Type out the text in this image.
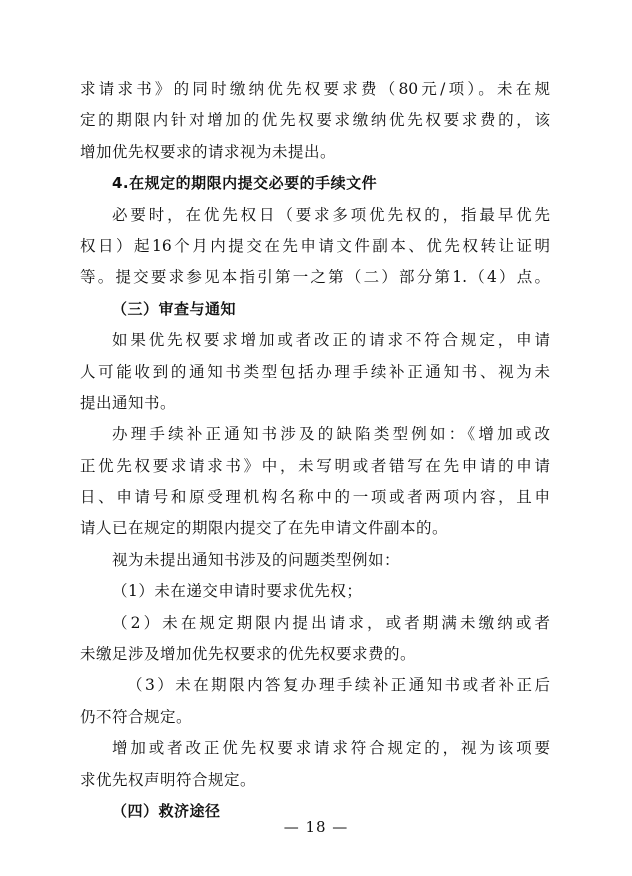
求请求书》的同时缴纳优先权要求费（80元/项）。未在规
定的期限内针对增加的优先权要求缴纳优先权要求费的，该
增加优先权要求的请求视为未提出。
4.在规定的期限内提交必要的手续文件
必要时，在优先权日（要求多项优先权的，指最早优先
权日）起16个月内提交在先申请文件副本、优先权转让证明
等。提交要求参见本指引第一之第（二）部分第1.（4）点。
（三）审查与通知
如果优先权要求增加或者改正的请求不符合规定，申请
人可能收到的通知书类型包括办理手续补正通知书、视为未
提出通知书。
办理手续补正通知书涉及的缺陷类型例如：《增加或改
正优先权要求请求书》中，未写明或者错写在先申请的申请
日、申请号和原受理机构名称中的一项或者两项内容，且申
请人已在规定的期限内提交了在先申请文件副本的。
视为未提出通知书涉及的问题类型例如：
（1）未在递交申请时要求优先权；
（2）未在规定期限内提出请求，或者期满未缴纳或者
未缴足涉及增加优先权要求的优先权要求费的。
（3）未在期限内答复办理手续补正通知书或者补正后
仍不符合规定。
增加或者改正优先权要求请求符合规定的，视为该项要
求优先权声明符合规定。
（四）救济途径
— 18 —
